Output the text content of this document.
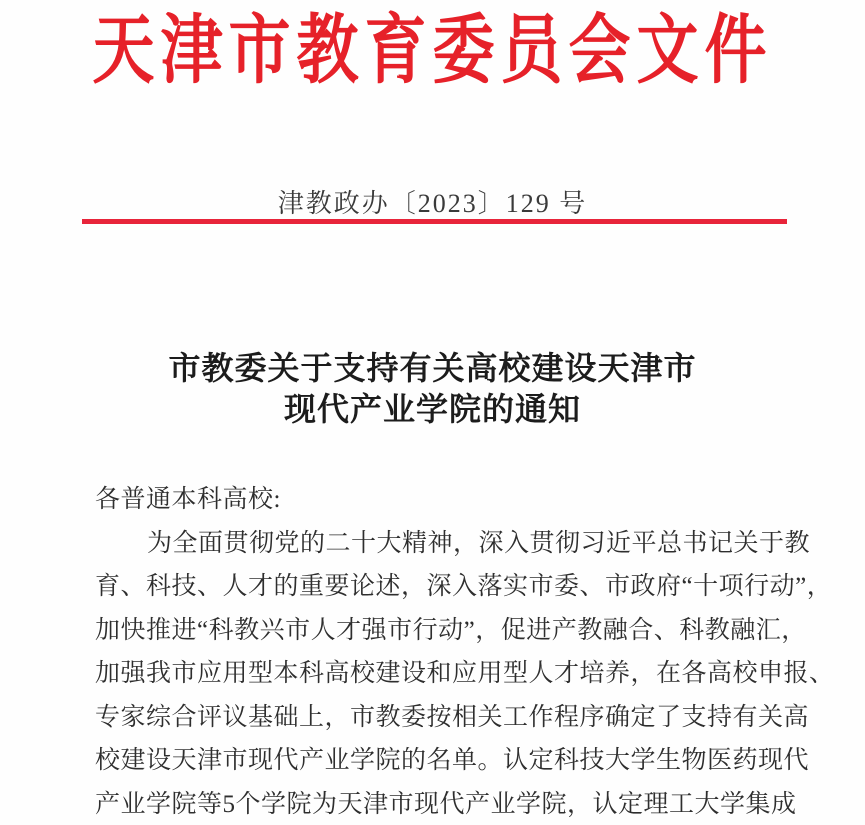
天津市教育委员会文件
津教政办〔2023〕129 号
市教委关于支持有关高校建设天津市
现代产业学院的通知
各普通本科高校:
为全面贯彻党的二十大精神，深入贯彻习近平总书记关于教
育、科技、人才的重要论述，深入落实市委、市政府“十项行动”，
加快推进“科教兴市人才强市行动”，促进产教融合、科教融汇，
加强我市应用型本科高校建设和应用型人才培养，在各高校申报、
专家综合评议基础上，市教委按相关工作程序确定了支持有关高
校建设天津市现代产业学院的名单。认定科技大学生物医药现代
产业学院等5个学院为天津市现代产业学院，认定理工大学集成
